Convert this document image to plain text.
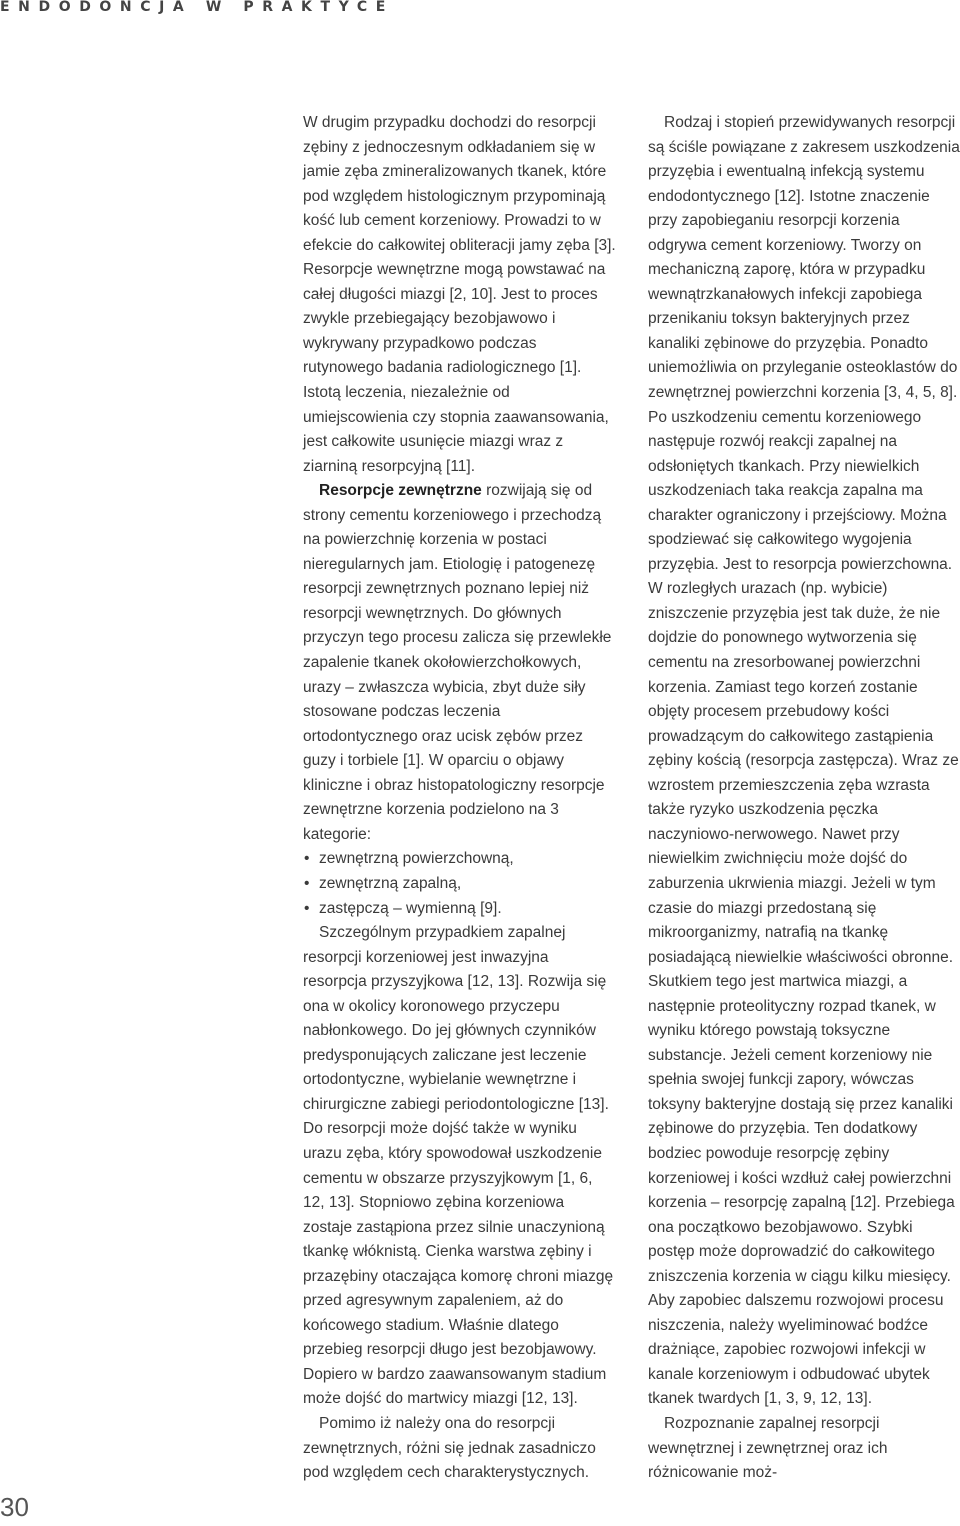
ENDODONCJA W PRAKTYCE

W drugim przypadku dochodzi do resorpcji zębiny z jednoczesnym odkładaniem się w jamie zęba zmineralizowanych tkanek, które pod względem histologicznym przypominają kość lub cement korzeniowy. Prowadzi to w efekcie do całkowitej obliteracji jamy zęba [3]. Resorpcje wewnętrzne mogą powstawać na całej długości miazgi [2, 10]. Jest to proces zwykle przebiegający bezobjawowo i wykrywany przypadkowo podczas rutynowego badania radiologicznego [1]. Istotą leczenia, niezależnie od umiejscowienia czy stopnia zaawansowania, jest całkowite usunięcie miazgi wraz z ziarniną resorpcyjną [11].

Resorpcje zewnętrzne rozwijają się od strony cementu korzeniowego i przechodzą na powierzchnię korzenia w postaci nieregularnych jam. Etiologię i patogenezę resorpcji zewnętrznych poznano lepiej niż resorpcji wewnętrznych. Do głównych przyczyn tego procesu zalicza się przewlekłe zapalenie tkanek okołowierzchołkowych, urazy – zwłaszcza wybicia, zbyt duże siły stosowane podczas leczenia ortodontycznego oraz ucisk zębów przez guzy i torbiele [1]. W oparciu o objawy kliniczne i obraz histopatologiczny resorpcje zewnętrzne korzenia podzielono na 3 kategorie:

• zewnętrzną powierzchowną,
• zewnętrzną zapalną,
• zastępczą – wymienną [9].

Szczególnym przypadkiem zapalnej resorpcji korzeniowej jest inwazyjna resorpcja przyszyjkowa [12, 13]. Rozwija się ona w okolicy koronowego przyczepu nabłonkowego. Do jej głównych czynników predysponujących zaliczane jest leczenie ortodontyczne, wybielanie wewnętrzne i chirurgiczne zabiegi periodontologiczne [13]. Do resorpcji może dojść także w wyniku urazu zęba, który spowodował uszkodzenie cementu w obszarze przyszyjkowym [1, 6, 12, 13]. Stopniowo zębina korzeniowa zostaje zastąpiona przez silnie unaczynioną tkankę włóknistą. Cienka warstwa zębiny i przazębiny otaczająca komorę chroni miazgę przed agresywnym zapaleniem, aż do końcowego stadium. Właśnie dlatego przebieg resorpcji długo jest bezobjawowy. Dopiero w bardzo zaawansowanym stadium może dojść do martwicy miazgi [12, 13].

Pomimo iż należy ona do resorpcji zewnętrznych, różni się jednak zasadniczo pod względem cech charakterystycznych.

Rodzaj i stopień przewidywanych resorpcji są ściśle powiązane z zakresem uszkodzenia przyzębia i ewentualną infekcją systemu endodontycznego [12]. Istotne znaczenie przy zapobieganiu resorpcji korzenia odgrywa cement korzeniowy. Tworzy on mechaniczną zaporę, która w przypadku wewnątrzkanałowych infekcji zapobiega przenikaniu toksyn bakteryjnych przez kanaliki zębinowe do przyzębia. Ponadto uniemożliwia on przyleganie osteoklastów do zewnętrznej powierzchni korzenia [3, 4, 5, 8]. Po uszkodzeniu cementu korzeniowego następuje rozwój reakcji zapalnej na odsłoniętych tkankach. Przy niewielkich uszkodzeniach taka reakcja zapalna ma charakter ograniczony i przejściowy. Można spodziewać się całkowitego wygojenia przyzębia. Jest to resorpcja powierzchowna. W rozległych urazach (np. wybicie) zniszczenie przyzębia jest tak duże, że nie dojdzie do ponownego wytworzenia się cementu na zresorbowanej powierzchni korzenia. Zamiast tego korzeń zostanie objęty procesem przebudowy kości prowadzącym do całkowitego zastąpienia zębiny kością (resorpcja zastępcza). Wraz ze wzrostem przemieszczenia zęba wzrasta także ryzyko uszkodzenia pęczka naczyniowo-nerwowego. Nawet przy niewielkim zwichnięciu może dojść do zaburzenia ukrwienia miazgi. Jeżeli w tym czasie do miazgi przedostaną się mikroorganizmy, natrafią na tkankę posiadającą niewielkie właściwości obronne. Skutkiem tego jest martwica miazgi, a następnie proteolityczny rozpad tkanek, w wyniku którego powstają toksyczne substancje. Jeżeli cement korzeniowy nie spełnia swojej funkcji zapory, wówczas toksyny bakteryjne dostają się przez kanaliki zębinowe do przyzębia. Ten dodatkowy bodziec powoduje resorpcję zębiny korzeniowej i kości wzdłuż całej powierzchni korzenia – resorpcję zapalną [12]. Przebiega ona początkowo bezobjawowo. Szybki postęp może doprowadzić do całkowitego zniszczenia korzenia w ciągu kilku miesięcy. Aby zapobiec dalszemu rozwojowi procesu niszczenia, należy wyeliminować bodźce drażniące, zapobiec rozwojowi infekcji w kanale korzeniowym i odbudować ubytek tkanek twardych [1, 3, 9, 12, 13].

Rozpoznanie zapalnej resorpcji wewnętrznej i zewnętrznej oraz ich różnicowanie moż-

30
